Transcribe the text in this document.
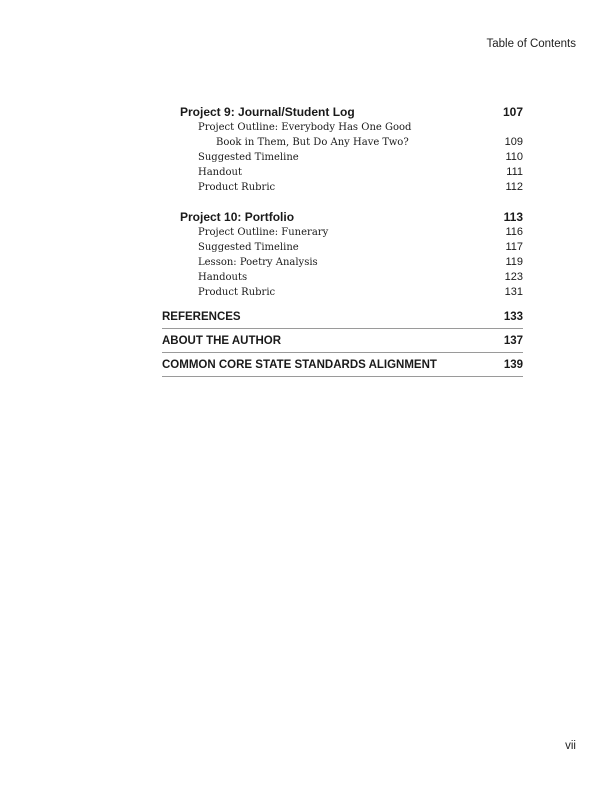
Table of Contents
Project 9: Journal/Student Log	107
Project Outline: Everybody Has One Good
Book in Them, But Do Any Have Two?	109
Suggested Timeline	110
Handout	111
Product Rubric	112
Project 10: Portfolio	113
Project Outline: Funerary	116
Suggested Timeline	117
Lesson: Poetry Analysis	119
Handouts	123
Product Rubric	131
REFERENCES	133
ABOUT THE AUTHOR	137
COMMON CORE STATE STANDARDS ALIGNMENT	139
vii
